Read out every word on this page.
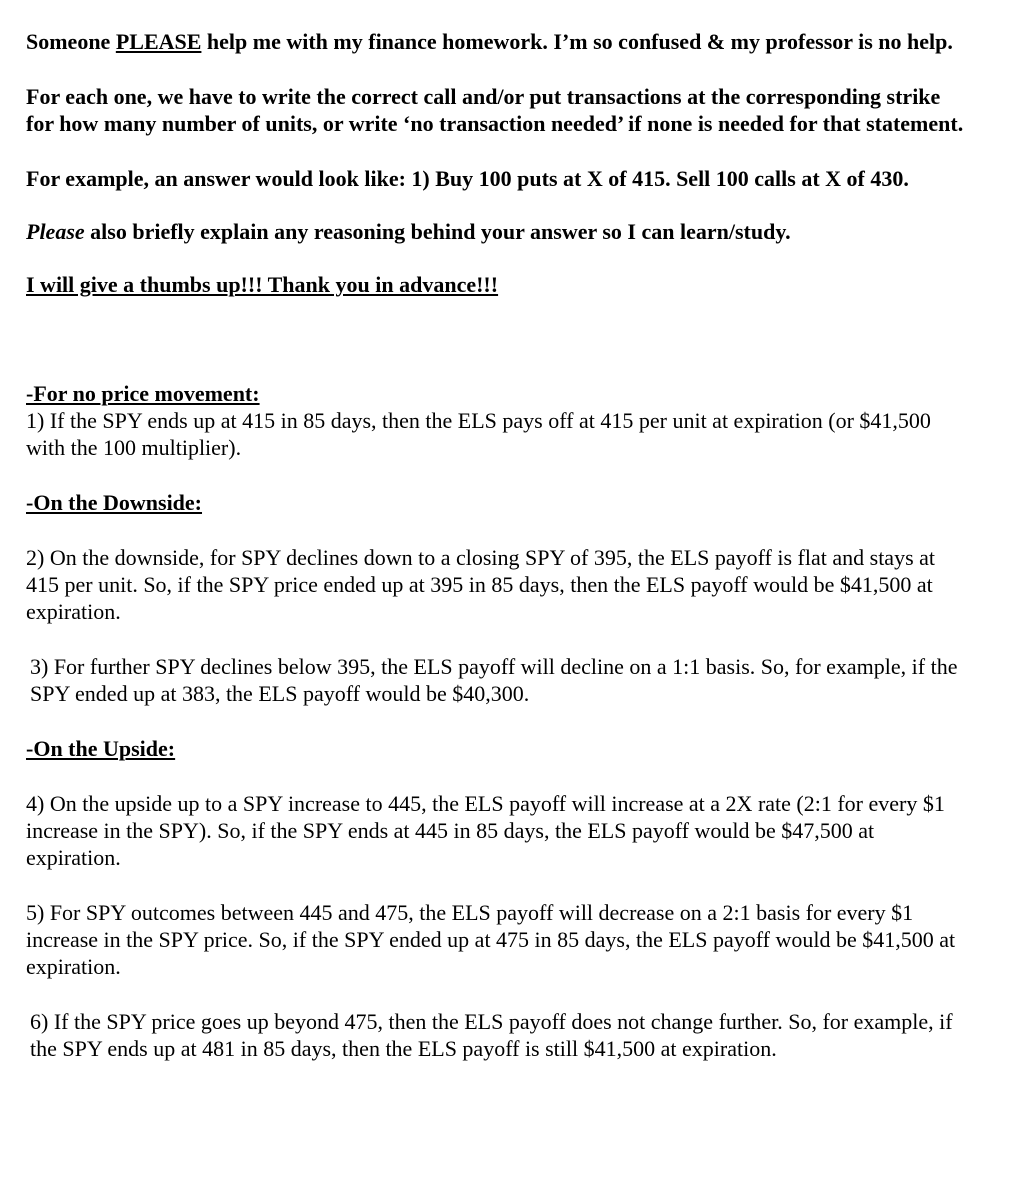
Someone PLEASE help me with my finance homework. I’m so confused & my professor is no help.

For each one, we have to write the correct call and/or put transactions at the corresponding strike for how many number of units, or write ‘no transaction needed’ if none is needed for that statement.

For example, an answer would look like: 1) Buy 100 puts at X of 415. Sell 100 calls at X of 430.

Please also briefly explain any reasoning behind your answer so I can learn/study.

I will give a thumbs up!!! Thank you in advance!!!

-For no price movement:

1) If the SPY ends up at 415 in 85 days, then the ELS pays off at 415 per unit at expiration (or $41,500 with the 100 multiplier).

-On the Downside:

2) On the downside, for SPY declines down to a closing SPY of 395, the ELS payoff is flat and stays at 415 per unit. So, if the SPY price ended up at 395 in 85 days, then the ELS payoff would be $41,500 at expiration.

3) For further SPY declines below 395, the ELS payoff will decline on a 1:1 basis. So, for example, if the SPY ended up at 383, the ELS payoff would be $40,300.

-On the Upside:

4) On the upside up to a SPY increase to 445, the ELS payoff will increase at a 2X rate (2:1 for every $1 increase in the SPY). So, if the SPY ends at 445 in 85 days, the ELS payoff would be $47,500 at expiration.

5) For SPY outcomes between 445 and 475, the ELS payoff will decrease on a 2:1 basis for every $1 increase in the SPY price. So, if the SPY ended up at 475 in 85 days, the ELS payoff would be $41,500 at expiration.

6) If the SPY price goes up beyond 475, then the ELS payoff does not change further. So, for example, if the SPY ends up at 481 in 85 days, then the ELS payoff is still $41,500 at expiration.
